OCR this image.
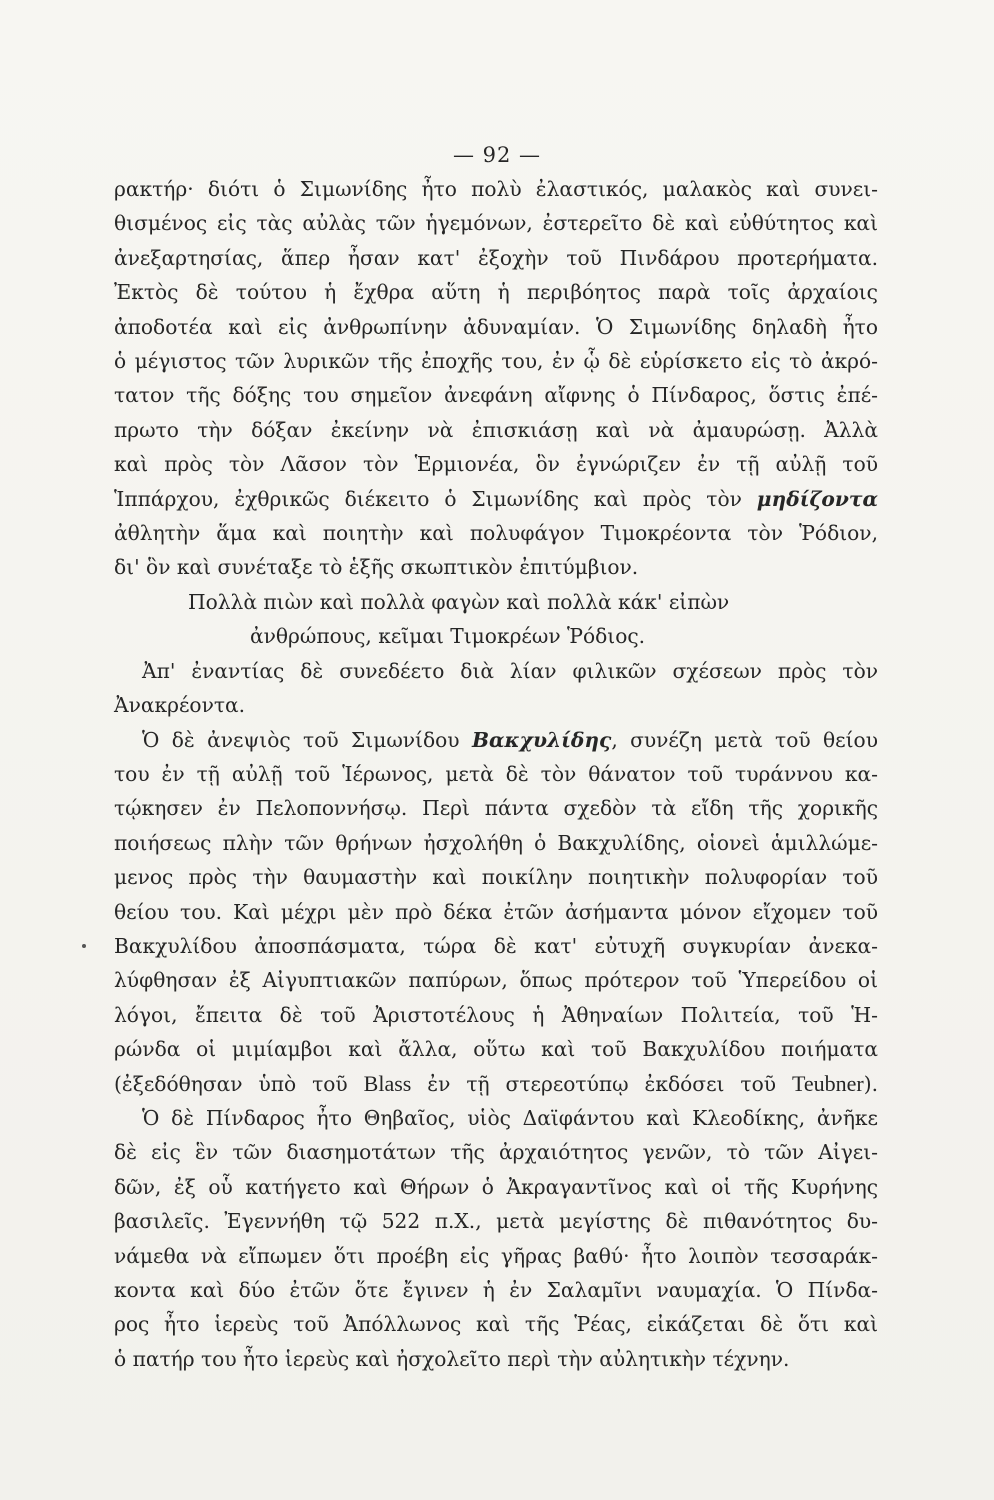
— 92 —

ρακτήρ· διότι ὁ Σιμωνίδης ἦτο πολὺ ἐλαστικός, μαλακὸς καὶ συνει-

θισμένος εἰς τὰς αὐλὰς τῶν ἡγεμόνων, ἐστερεῖτο δὲ καὶ εὐθύτητος καὶ

ἀνεξαρτησίας, ἅπερ ἦσαν κατ' ἐξοχὴν τοῦ Πινδάρου προτερήματα.

Ἐκτὸς δὲ τούτου ἡ ἔχθρα αὕτη ἡ περιβόητος παρὰ τοῖς ἀρχαίοις

ἀποδοτέα καὶ εἰς ἀνθρωπίνην ἀδυναμίαν. Ὁ Σιμωνίδης δηλαδὴ ἦτο

ὁ μέγιστος τῶν λυρικῶν τῆς ἐποχῆς του, ἐν ᾧ δὲ εὑρίσκετο εἰς τὸ ἀκρό-

τατον τῆς δόξης του σημεῖον ἀνεφάνη αἴφνης ὁ Πίνδαρος, ὅστις ἐπέ-

πρωτο τὴν δόξαν ἐκείνην νὰ ἐπισκιάσῃ καὶ νὰ ἀμαυρώσῃ. Ἀλλὰ

καὶ πρὸς τὸν Λᾶσον τὸν Ἑρμιονέα, ὃν ἐγνώριζεν ἐν τῇ αὐλῇ τοῦ

Ἱππάρχου, ἐχθρικῶς διέκειτο ὁ Σιμωνίδης καὶ πρὸς τὸν μηδίζοντα

ἀθλητὴν ἅμα καὶ ποιητὴν καὶ πολυφάγον Τιμοκρέοντα τὸν Ῥόδιον,

δι' ὃν καὶ συνέταξε τὸ ἑξῆς σκωπτικὸν ἐπιτύμβιον.

Πολλὰ πιὼν καὶ πολλὰ φαγὼν καὶ πολλὰ κάκ' εἰπὼν

ἀνθρώπους, κεῖμαι Τιμοκρέων Ῥόδιος.

Ἀπ' ἐναντίας δὲ συνεδέετο διὰ λίαν φιλικῶν σχέσεων πρὸς τὸν

Ἀνακρέοντα.

Ὁ δὲ ἀνεψιὸς τοῦ Σιμωνίδου Βακχυλίδης, συνέζη μετὰ τοῦ θείου

του ἐν τῇ αὐλῇ τοῦ Ἱέρωνος, μετὰ δὲ τὸν θάνατον τοῦ τυράννου κα-

τῴκησεν ἐν Πελοποννήσῳ. Περὶ πάντα σχεδὸν τὰ εἴδη τῆς χορικῆς

ποιήσεως πλὴν τῶν θρήνων ἠσχολήθη ὁ Βακχυλίδης, οἱονεὶ ἁμιλλώμε-

μενος πρὸς τὴν θαυμαστὴν καὶ ποικίλην ποιητικὴν πολυφορίαν τοῦ

θείου του. Καὶ μέχρι μὲν πρὸ δέκα ἐτῶν ἀσήμαντα μόνον εἴχομεν τοῦ

Βακχυλίδου ἀποσπάσματα, τώρα δὲ κατ' εὐτυχῆ συγκυρίαν ἀνεκα-

λύφθησαν ἐξ Αἰγυπτιακῶν παπύρων, ὅπως πρότερον τοῦ Ὑπερείδου οἱ

λόγοι, ἔπειτα δὲ τοῦ Ἀριστοτέλους ἡ Ἀθηναίων Πολιτεία, τοῦ Ἡ-

ρώνδα οἱ μιμίαμβοι καὶ ἄλλα, οὕτω καὶ τοῦ Βακχυλίδου ποιήματα

(ἐξεδόθησαν ὑπὸ τοῦ Blass ἐν τῇ στερεοτύπῳ ἐκδόσει τοῦ Teubner).

Ὁ δὲ Πίνδαρος ἦτο Θηβαῖος, υἱὸς Δαϊφάντου καὶ Κλεοδίκης, ἀνῆκε

δὲ εἰς ἓν τῶν διασημοτάτων τῆς ἀρχαιότητος γενῶν, τὸ τῶν Αἰγει-

δῶν, ἐξ οὗ κατήγετο καὶ Θήρων ὁ Ἀκραγαντῖνος καὶ οἱ τῆς Κυρήνης

βασιλεῖς. Ἐγεννήθη τῷ 522 π.Χ., μετὰ μεγίστης δὲ πιθανότητος δυ-

νάμεθα νὰ εἴπωμεν ὅτι προέβη εἰς γῆρας βαθύ· ἦτο λοιπὸν τεσσαράκ-

κοντα καὶ δύο ἐτῶν ὅτε ἔγινεν ἡ ἐν Σαλαμῖνι ναυμαχία. Ὁ Πίνδα-

ρος ἦτο ἱερεὺς τοῦ Ἀπόλλωνος καὶ τῆς Ῥέας, εἰκάζεται δὲ ὅτι καὶ

ὁ πατήρ του ἦτο ἱερεὺς καὶ ἠσχολεῖτο περὶ τὴν αὐλητικὴν τέχνην.
